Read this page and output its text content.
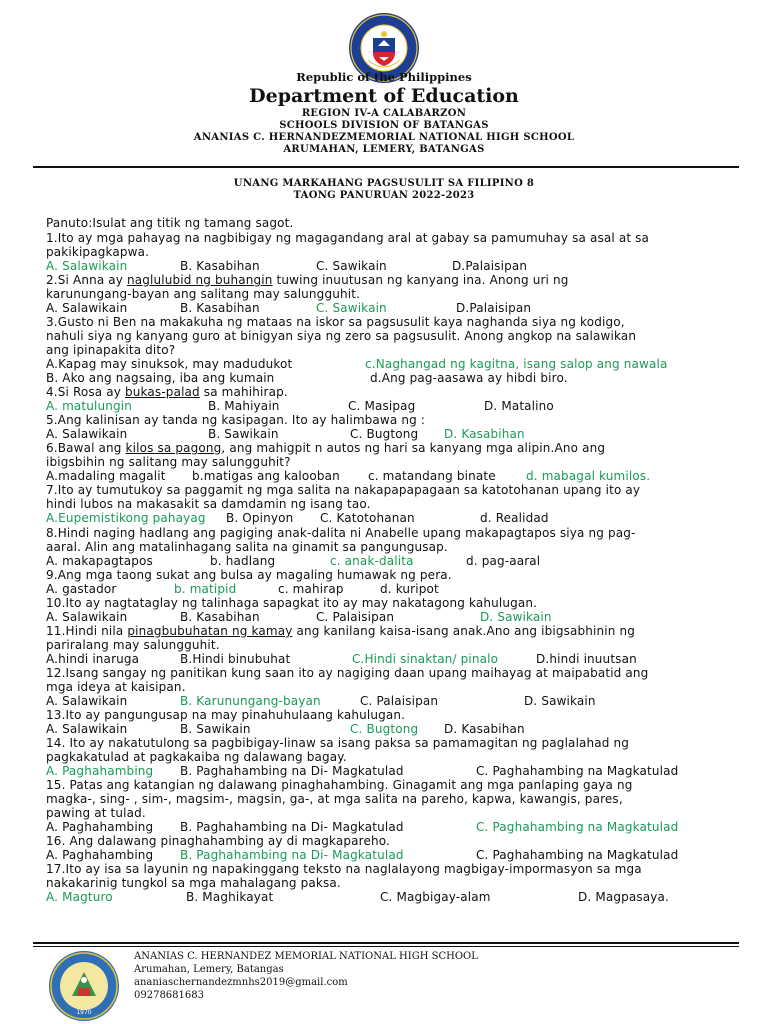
Republic of the Philippines
Department of Education
REGION IV-A CALABARZON
SCHOOLS DIVISION OF BATANGAS
ANANIAS C. HERNANDEZMEMORIAL NATIONAL HIGH SCHOOL
ARUMAHAN, LEMERY, BATANGAS
UNANG MARKAHANG PAGSUSULIT SA FILIPINO 8
TAONG PANURUAN 2022-2023
Panuto:Isulat ang titik ng tamang sagot.
1.Ito ay mga pahayag na nagbibigay ng magagandang aral at gabay sa pamumuhay sa asal at sa
pakikipagkapwa.
A. Salawikain	B. Kasabihan	C. Sawikain	D.Palaisipan
2.Si Anna ay naglulubid ng buhangin tuwing inuutusan ng kanyang ina. Anong uri ng
karunungang-bayan ang salitang may salungguhit.
A. Salawikain	B. Kasabihan	C. Sawikain	D.Palaisipan
3.Gusto ni Ben na makakuha ng mataas na iskor sa pagsusulit kaya naghanda siya ng kodigo,
nahuli siya ng kanyang guro at binigyan siya ng zero sa pagsusulit. Anong angkop na salawikan
ang ipinapakita dito?
A.Kapag may sinuksok, may madudukot	c.Naghangad ng kagitna, isang salop ang nawala
B. Ako ang nagsaing, iba ang kumain	d.Ang pag-aasawa ay hibdi biro.
4.Si Rosa ay bukas-palad sa mahihirap.
A. matulungin	B. Mahiyain	C. Masipag	D. Matalino
5.Ang kalinisan ay tanda ng kasipagan. Ito ay halimbawa ng :
A. Salawikain	B. Sawikain	C. Bugtong D. Kasabihan
6.Bawal ang kilos sa pagong, ang mahigpit n autos ng hari sa kanyang mga alipin.Ano ang
ibigsbihin ng salitang may salungguhit?
A.madaling magalit b.matigas ang kalooban c. matandang binate	d. mabagal kumilos.
7.Ito ay tumutukoy sa paggamit ng mga salita na nakapapapagaan sa katotohanan upang ito ay
hindi lubos na makasakit sa damdamin ng isang tao.
A.Eupemistikong pahayag B. Opinyon C. Katotohanan	d. Realidad
8.Hindi naging hadlang ang pagiging anak-dalita ni Anabelle upang makapagtapos siya ng pag-
aaral. Alin ang matalinhagang salita na ginamit sa pangungusap.
A. makapagtapos	b. hadlang	c. anak-dalita	d. pag-aaral
9.Ang mga taong sukat ang bulsa ay magaling humawak ng pera.
A. gastador	b. matipid	c. mahirap	d. kuripot
10.Ito ay nagtataglay ng talinhaga sapagkat ito ay may nakatagong kahulugan.
A. Salawikain	B. Kasabihan	C. Palaisipan	D. Sawikain
11.Hindi nila pinagbubuhatan ng kamay ang kanilang kaisa-isang anak.Ano ang ibigsabhinin ng
pariralang may salungguhit.
A.hindi inaruga	B.Hindi binubuhat	C.Hindi sinaktan/ pinalo	D.hindi inuutsan
12.Isang sangay ng panitikan kung saan ito ay nagiging daan upang maihayag at maipabatid ang
mga ideya at kaisipan.
A. Salawikain	B. Karunungang-bayan	C. Palaisipan	D. Sawikain
13.Ito ay pangungusap na may pinahuhulaang kahulugan.
A. Salawikain	B. Sawikain	C. Bugtong D. Kasabihan
14. Ito ay nakatutulong sa pagbibigay-linaw sa isang paksa sa pamamagitan ng paglalahad ng
pagkakatulad at pagkakaiba ng dalawang bagay.
A. Paghahambing B. Paghahambing na Di- Magkatulad	C. Paghahambing na Magkatulad
15. Patas ang katangian ng dalawang pinaghahambing. Ginagamit ang mga panlaping gaya ng
magka-, sing- , sim-, magsim-, magsin, ga-, at mga salita na pareho, kapwa, kawangis, pares,
pawing at tulad.
A. Paghahambing B. Paghahambing na Di- Magkatulad	C. Paghahambing na Magkatulad
16. Ang dalawang pinaghahambing ay di magkapareho.
A. Paghahambing B. Paghahambing na Di- Magkatulad	C. Paghahambing na Magkatulad
17.Ito ay isa sa layunin ng napakinggang teksto na naglalayong magbigay-impormasyon sa mga
nakakarinig tungkol sa mga mahalagang paksa.
A. Magturo	B. Maghikayat	C. Magbigay-alam	D. Magpasaya.
1970
ANANIAS C. HERNANDEZ MEMORIAL NATIONAL HIGH SCHOOL
Arumahan, Lemery, Batangas
ananiaschernandezmnhs2019@gmail.com
09278681683
